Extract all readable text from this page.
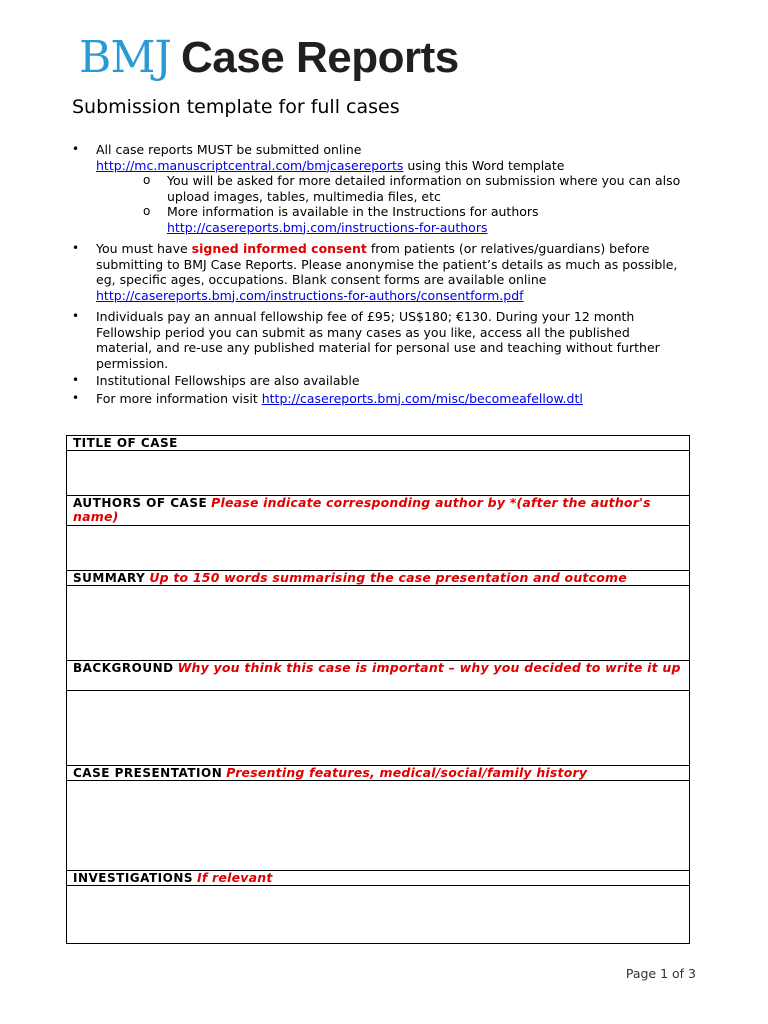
BMJ Case Reports
Submission template for full cases
• All case reports MUST be submitted online
http://mc.manuscriptcentral.com/bmjcasereports using this Word template
o You will be asked for more detailed information on submission where you can also upload images, tables, multimedia files, etc
o More information is available in the Instructions for authors
http://casereports.bmj.com/instructions-for-authors
• You must have signed informed consent from patients (or relatives/guardians) before submitting to BMJ Case Reports. Please anonymise the patient’s details as much as possible, eg, specific ages, occupations. Blank consent forms are available online http://casereports.bmj.com/instructions-for-authors/consentform.pdf
• Individuals pay an annual fellowship fee of £95; US$180; €130. During your 12 month Fellowship period you can submit as many cases as you like, access all the published material, and re-use any published material for personal use and teaching without further permission.
• Institutional Fellowships are also available
• For more information visit http://casereports.bmj.com/misc/becomeafellow.dtl
TITLE OF CASE

AUTHORS OF CASE Please indicate corresponding author by *(after the author's name)

SUMMARY Up to 150 words summarising the case presentation and outcome

BACKGROUND Why you think this case is important – why you decided to write it up

CASE PRESENTATION Presenting features, medical/social/family history

INVESTIGATIONS If relevant

Page 1 of 3
